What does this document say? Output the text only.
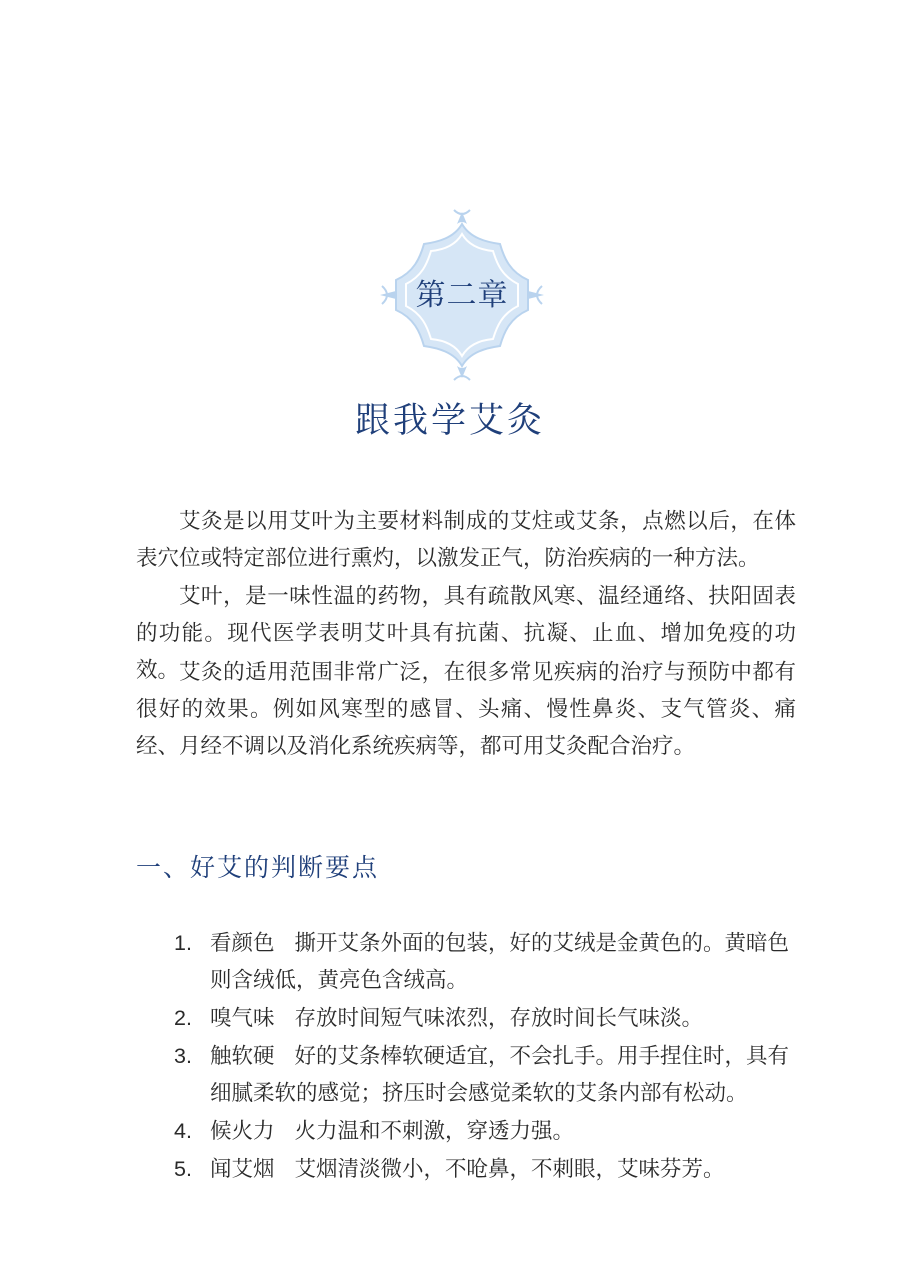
第二章
跟我学艾灸

艾灸是以用艾叶为主要材料制成的艾炷或艾条，点燃以后，在体表穴位或特定部位进行熏灼，以激发正气，防治疾病的一种方法。

艾叶，是一味性温的药物，具有疏散风寒、温经通络、扶阳固表的功能。现代医学表明艾叶具有抗菌、抗凝、止血、增加免疫的功效。 艾灸的适用范围非常广泛，在很多常见疾病的治疗与预防中都有很好的效果。例如风寒型的感冒、头痛、慢性鼻炎、支气管炎、痛经、月经不调以及消化系统疾病等，都可用艾灸配合治疗。

一、好艾的判断要点
1. 看颜色 撕开艾条外面的包装，好的艾绒是金黄色的。黄暗色则含绒低，黄亮色含绒高。
2. 嗅气味 存放时间短气味浓烈，存放时间长气味淡。
3. 触软硬 好的艾条棒软硬适宜，不会扎手。用手捏住时，具有细腻柔软的感觉；挤压时会感觉柔软的艾条内部有松动。
4. 候火力 火力温和不刺激，穿透力强。
5. 闻艾烟 艾烟清淡微小，不呛鼻，不刺眼，艾味芬芳。
